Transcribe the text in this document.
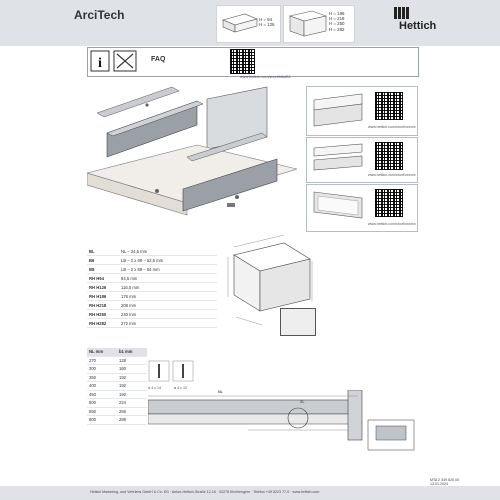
ArciTech	H = 94
H = 126
H = 186
H = 218
H = 250
H = 282	Hettich
i	FAQ
www.hettich.com/short/b6df84
www.hettich.com/short/xxxxxx
www.hettich.com/short/xxxxxx
www.hettich.com/short/xxxxxx
BL	NL – 24,5 mm
B6	LB – 2 x 69 – 52,5 mm
B8	LB – 2 x 69 – 64 mm
RH H94	84,5 mm
RH H126	116,5 mm
RH H186	176 mm
RH H218	208 mm
RH H250	240 mm
RH H282	272 mm
NL mm	b1 mm
270	128
300	160
350	192
400	192
450	192
500	224
550	256
600	288
ø 4 x 14	ø 4 x 15
NL
XL
MTA 2 349 620 00
13.01.2024
Hettich Marketing- und Vertriebs GmbH & Co. KG · Anton-Hettich-Straße 12-16 · 32278 Kirchlengern · Telefon +49 5223 77-0 · www.hettich.com
